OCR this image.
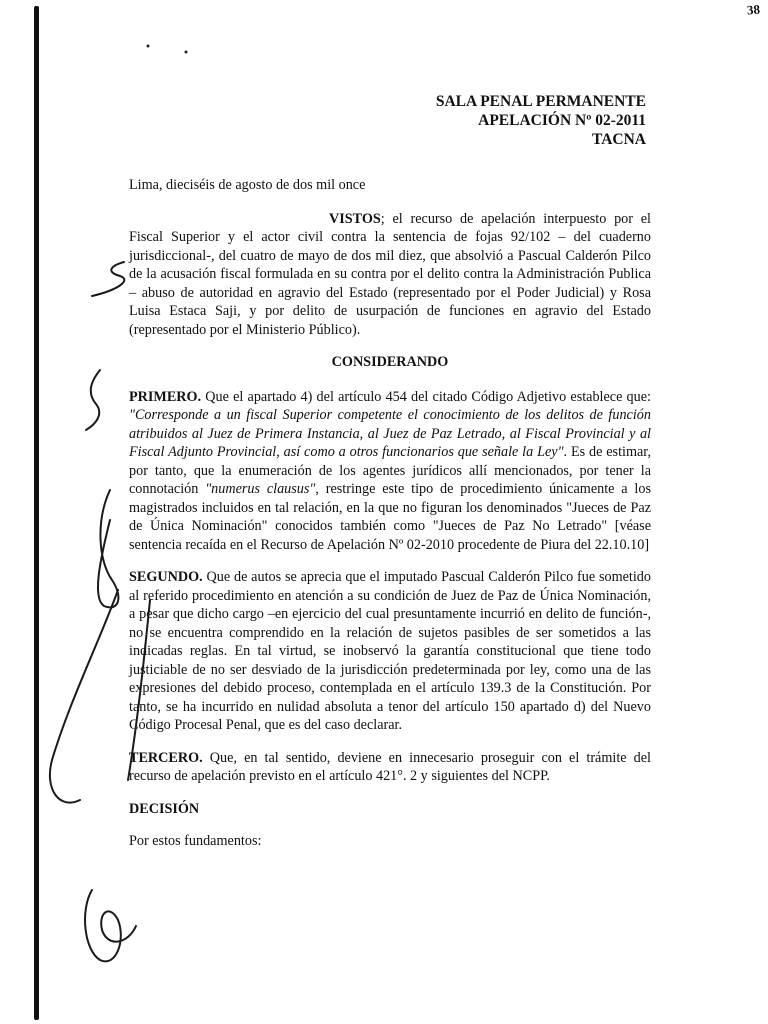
38
SALA PENAL PERMANENTE
APELACIÓN Nº 02-2011
TACNA

Lima, dieciséis de agosto de dos mil once

VISTOS; el recurso de apelación interpuesto por el Fiscal Superior y el actor civil contra la sentencia de fojas 92/102 – del cuaderno jurisdiccional-, del cuatro de mayo de dos mil diez, que absolvió a Pascual Calderón Pilco de la acusación fiscal formulada en su contra por el delito contra la Administración Publica – abuso de autoridad en agravio del Estado (representado por el Poder Judicial) y Rosa Luisa Estaca Saji, y por delito de usurpación de funciones en agravio del Estado (representado por el Ministerio Público).

CONSIDERANDO

PRIMERO. Que el apartado 4) del artículo 454 del citado Código Adjetivo establece que: "Corresponde a un fiscal Superior competente el conocimiento de los delitos de función atribuidos al Juez de Primera Instancia, al Juez de Paz Letrado, al Fiscal Provincial y al Fiscal Adjunto Provincial, así como a otros funcionarios que señale la Ley". Es de estimar, por tanto, que la enumeración de los agentes jurídicos allí mencionados, por tener la connotación "numerus clausus", restringe este tipo de procedimiento únicamente a los magistrados incluidos en tal relación, en la que no figuran los denominados "Jueces de Paz de Única Nominación" conocidos también como "Jueces de Paz No Letrado" [véase sentencia recaída en el Recurso de Apelación Nº 02-2010 procedente de Piura del 22.10.10]

SEGUNDO. Que de autos se aprecia que el imputado Pascual Calderón Pilco fue sometido al referido procedimiento en atención a su condición de Juez de Paz de Única Nominación, a pesar que dicho cargo –en ejercicio del cual presuntamente incurrió en delito de función-, no se encuentra comprendido en la relación de sujetos pasibles de ser sometidos a las indicadas reglas. En tal virtud, se inobservó la garantía constitucional que tiene todo justiciable de no ser desviado de la jurisdicción predeterminada por ley, como una de las expresiones del debido proceso, contemplada en el artículo 139.3 de la Constitución. Por tanto, se ha incurrido en nulidad absoluta a tenor del artículo 150 apartado d) del Nuevo Código Procesal Penal, que es del caso declarar.

TERCERO. Que, en tal sentido, deviene en innecesario proseguir con el trámite del recurso de apelación previsto en el artículo 421°. 2 y siguientes del NCPP.

DECISIÓN

Por estos fundamentos:
